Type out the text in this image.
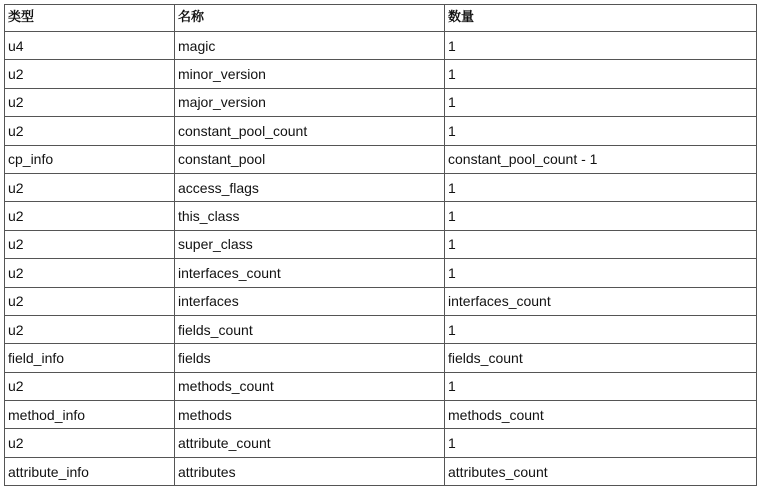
类型	名称	数量
u4	magic	1
u2	minor_version	1
u2	major_version	1
u2	constant_pool_count	1
cp_info	constant_pool	constant_pool_count - 1
u2	access_flags	1
u2	this_class	1
u2	super_class	1
u2	interfaces_count	1
u2	interfaces	interfaces_count
u2	fields_count	1
field_info	fields	fields_count
u2	methods_count	1
method_info	methods	methods_count
u2	attribute_count	1
attribute_info	attributes	attributes_count
